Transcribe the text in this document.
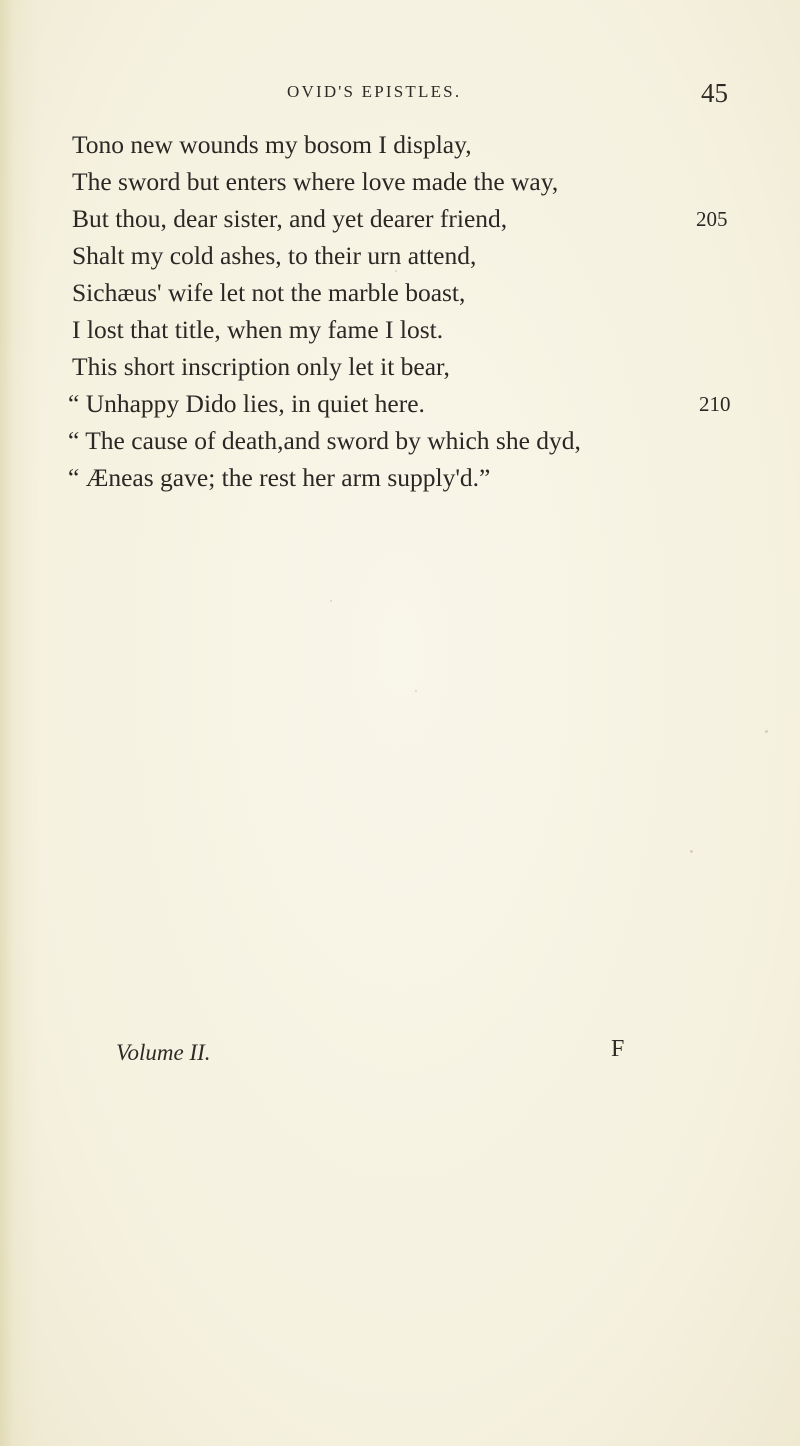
OVID'S EPISTLES.	45
Tono new wounds my bosom I display,
The sword but enters where love made the way,
But thou, dear sister, and yet dearer friend,	205
Shalt my cold ashes, to their urn attend,
Sichæus' wife let not the marble boast,
I lost that title, when my fame I lost.
This short inscription only let it bear,
“ Unhappy Dido lies, in quiet here.	210
“ The cause of death,and sword by which she dyd,
“ Æneas gave; the rest her arm supply'd.”
Volume II.	F
